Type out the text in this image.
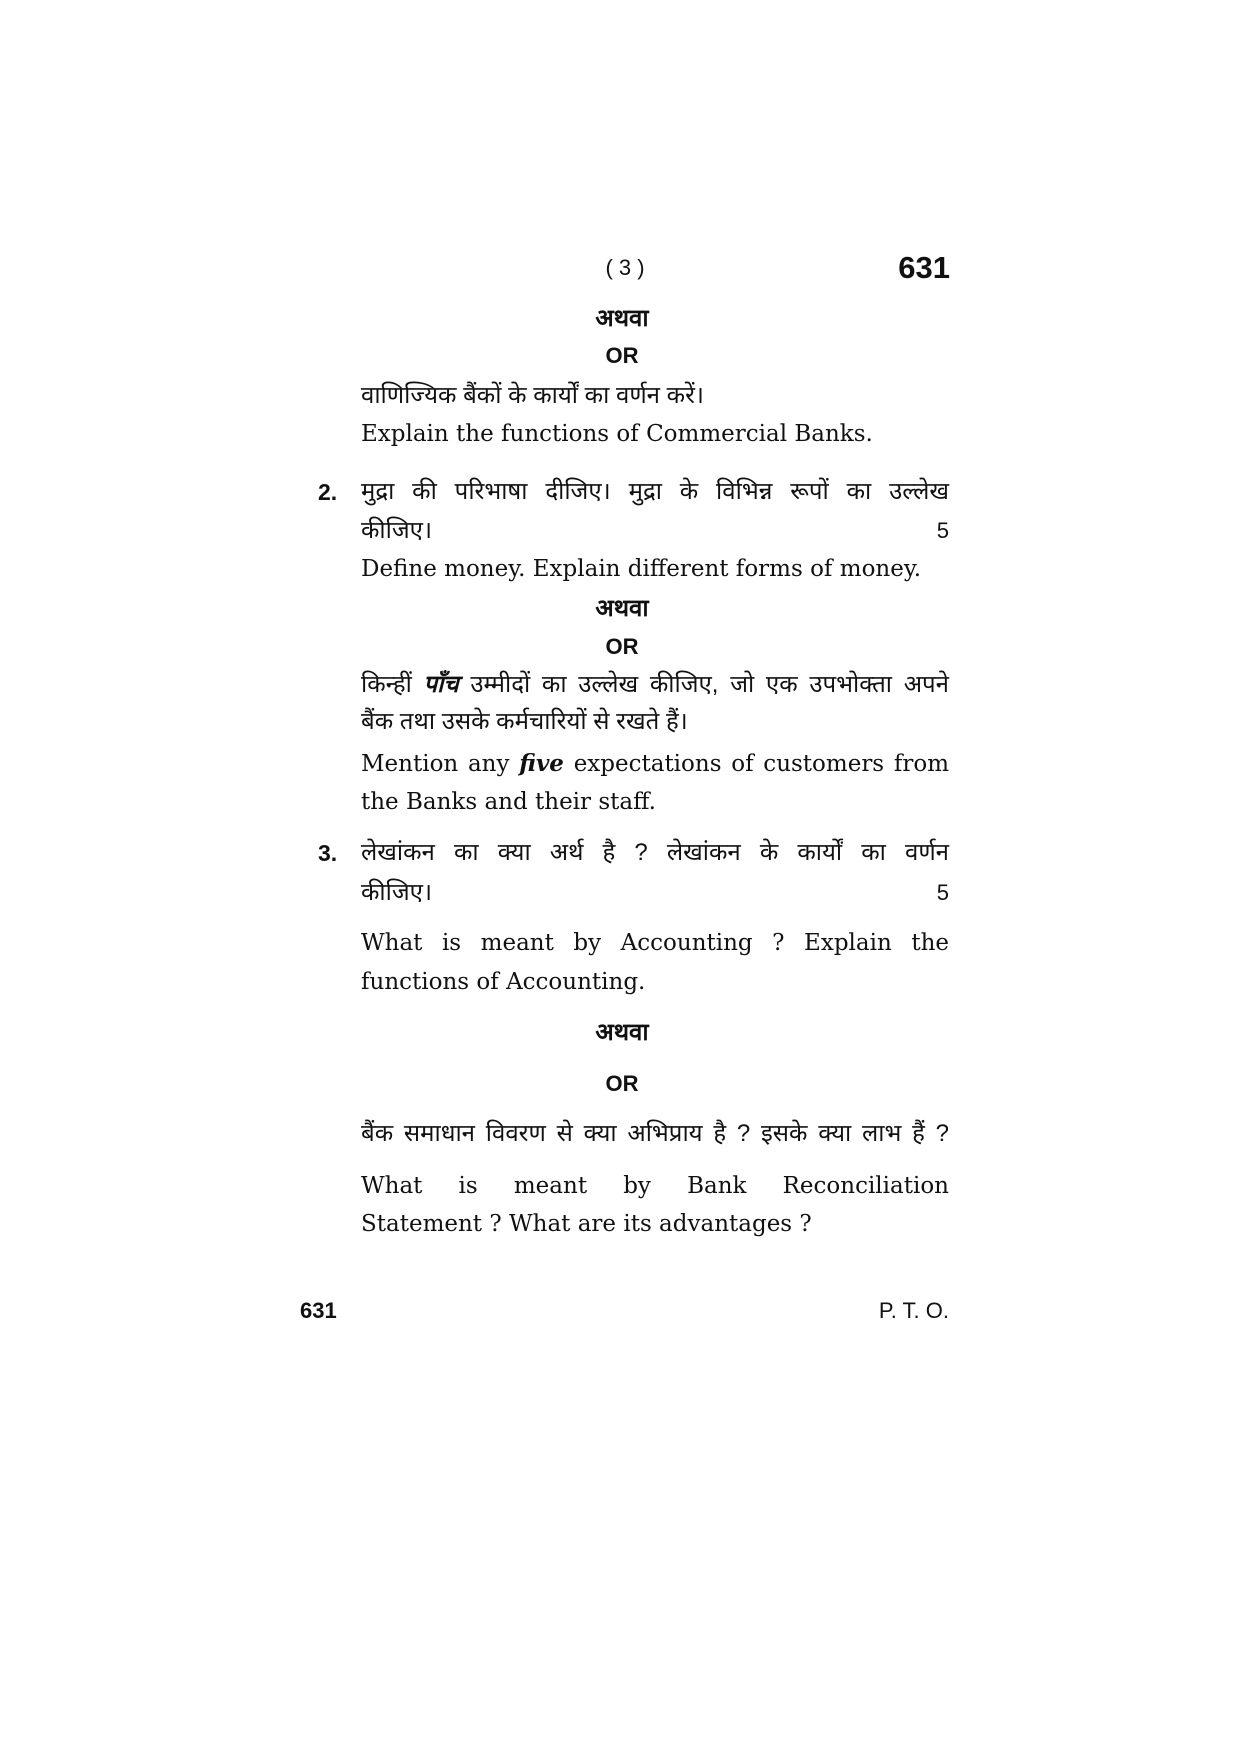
( 3 )	631
अथवा
OR
वाणिज्यिक बैंकों के कार्यों का वर्णन करें।
Explain the functions of Commercial Banks.
2. मुद्रा की परिभाषा दीजिए। मुद्रा के विभिन्न रूपों का उल्लेख
कीजिए।	5
Define money. Explain different forms of money.
अथवा
OR
किन्हीं पाँच उम्मीदों का उल्लेख कीजिए, जो एक उपभोक्ता अपने
बैंक तथा उसके कर्मचारियों से रखते हैं।
Mention any five expectations of customers from
the Banks and their staff.
3. लेखांकन का क्या अर्थ है ? लेखांकन के कार्यों का वर्णन
कीजिए।	5
What is meant by Accounting ? Explain the
functions of Accounting.
अथवा
OR
बैंक समाधान विवरण से क्या अभिप्राय है ? इसके क्या लाभ हैं ?
What is meant by Bank Reconciliation
Statement ? What are its advantages ?
631	P. T. O.
